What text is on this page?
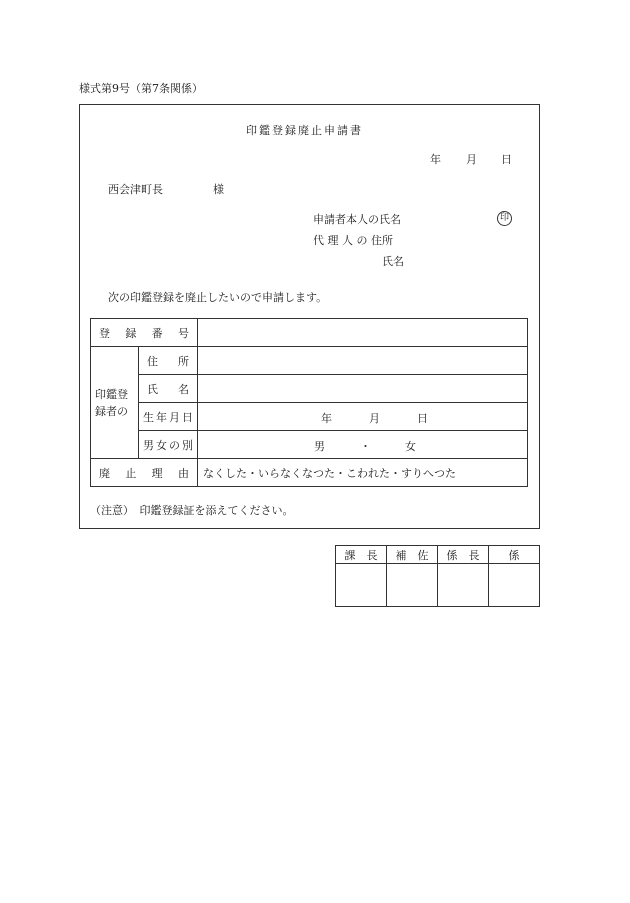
様式第9号（第7条関係）
印鑑登録廃止申請書
年 月 日
西会津町長	様
申請者本人の氏名	印
代 理 人 の 住所
氏名
次の印鑑登録を廃止したいので申請します。
登録番号		
印鑑登録者の	住所	
	氏名	
	生年月日	年 月 日

	男女の別	男 ・ 女

廃止理由		なくした・いらなくなつた・こわれた・すりへつた
（注意）　印鑑登録証を添えてください。
課　長	補　佐	係　長	係
